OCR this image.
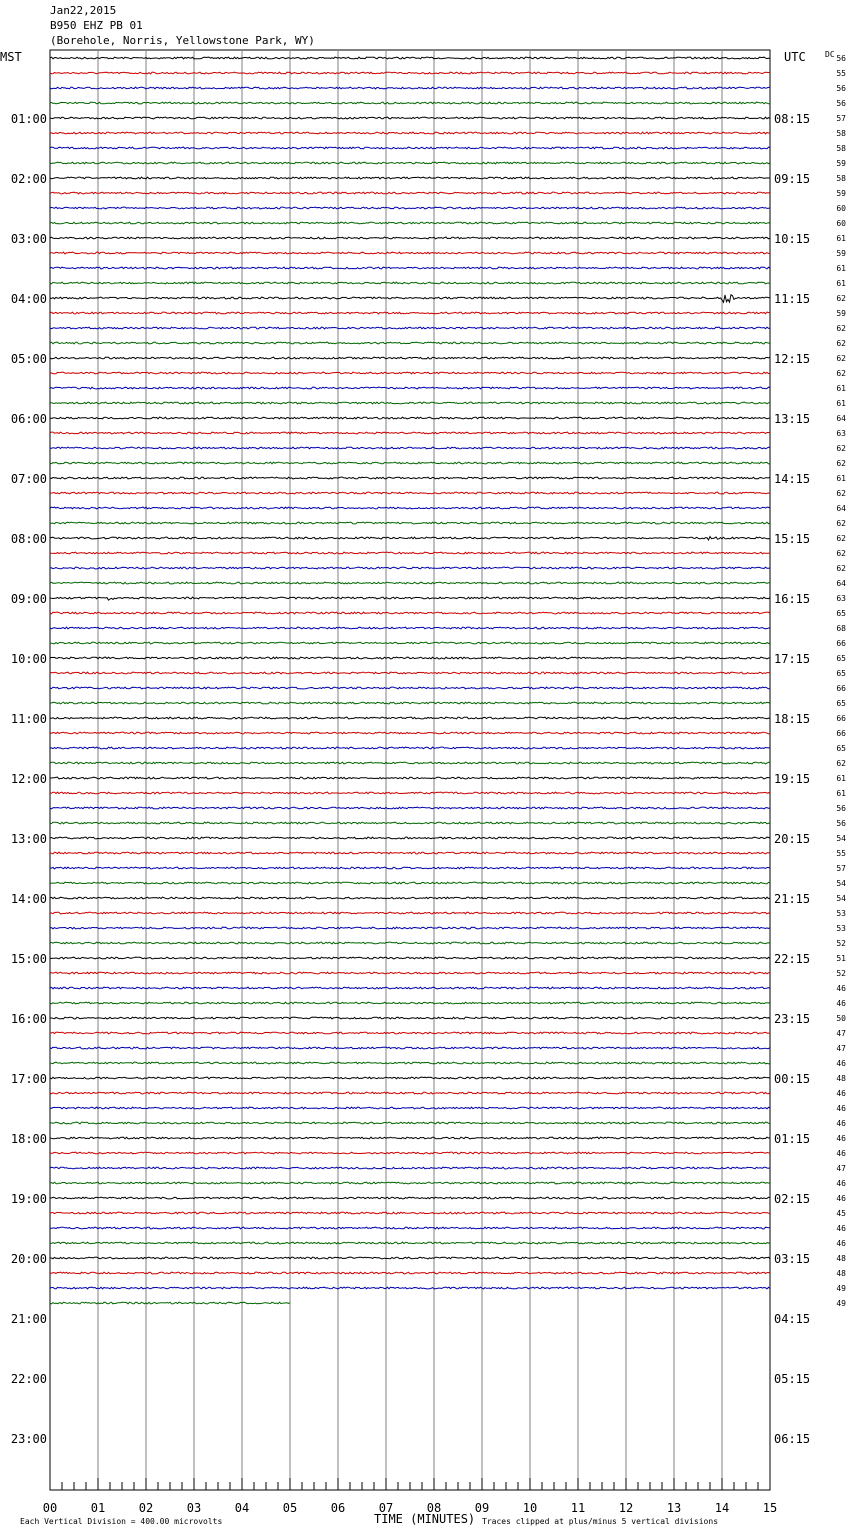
Jan22,2015
B950 EHZ PB 01
(Borehole, Norris, Yellowstone Park, WY)
00	01	02	03	04	05	06	07	08	09	10	11	12	13	14	15
56
55
56
56
57
58
58
59
58
59
60
60
61
59
61
61
62
59
62
62
62
62
61
61
64
63
62
62
61
62
64
62
62
62
62
64
63
65
68
66
65
65
66
65
66
66
65
62
61
61
56
56
54
55
57
54
54
53
53
52
51
52
46
46
50
47
47
46
48
46
46
46
46
46
47
46
46
45
46
46
48
48
49
49
01:00
02:00
03:00
04:00
05:00
06:00
07:00
08:00
09:00
10:00
11:00
12:00
13:00
14:00
15:00
16:00
17:00
18:00
19:00
20:00
21:00
22:00
23:00
08:15
09:15
10:15
11:15
12:15
13:15
14:15
15:15
16:15
17:15
18:15
19:15
20:15
21:15
22:15
23:15
00:15
01:15
02:15
03:15
04:15
05:15
06:15
MST	UTC DC
Each Vertical Division = 400.00 microvolts	TIME (MINUTES) Traces clipped at plus/minus 5 vertical divisions
